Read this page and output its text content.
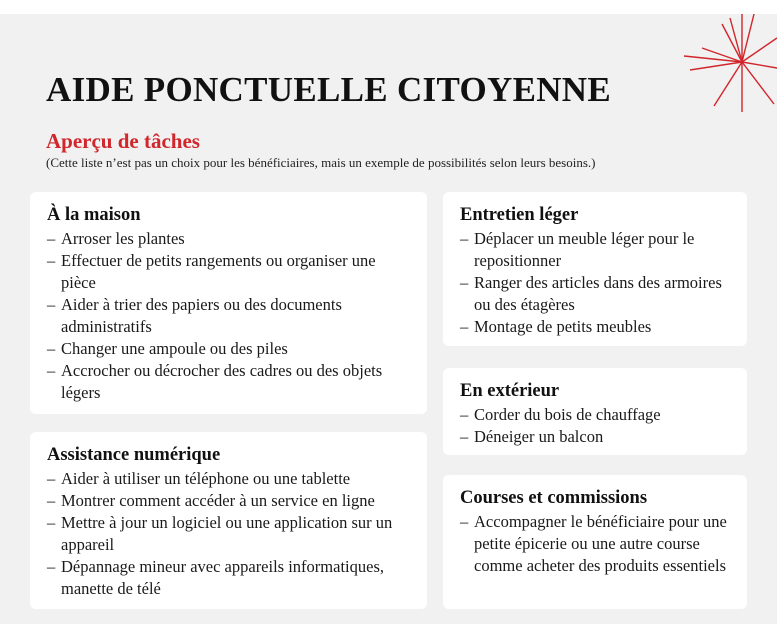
AIDE PONCTUELLE CITOYENNE
Aperçu de tâches

(Cette liste n’est pas un choix pour les bénéficiaires, mais un exemple de possibilités selon leurs besoins.)

À la maison
– Arroser les plantes
– Effectuer de petits rangements ou organiser une pièce
– Aider à trier des papiers ou des documents administratifs
– Changer une ampoule ou des piles
– Accrocher ou décrocher des cadres ou des objets légers
Assistance numérique
– Aider à utiliser un téléphone ou une tablette
– Montrer comment accéder à un service en ligne
– Mettre à jour un logiciel ou une application sur un appareil
– Dépannage mineur avec appareils informatiques, manette de télé
Entretien léger
– Déplacer un meuble léger pour le repositionner
– Ranger des articles dans des armoires ou des étagères
– Montage de petits meubles
En extérieur
– Corder du bois de chauffage
– Déneiger un balcon
Courses et commissions
– Accompagner le bénéficiaire pour une petite épicerie ou une autre course comme acheter des produits essentiels
